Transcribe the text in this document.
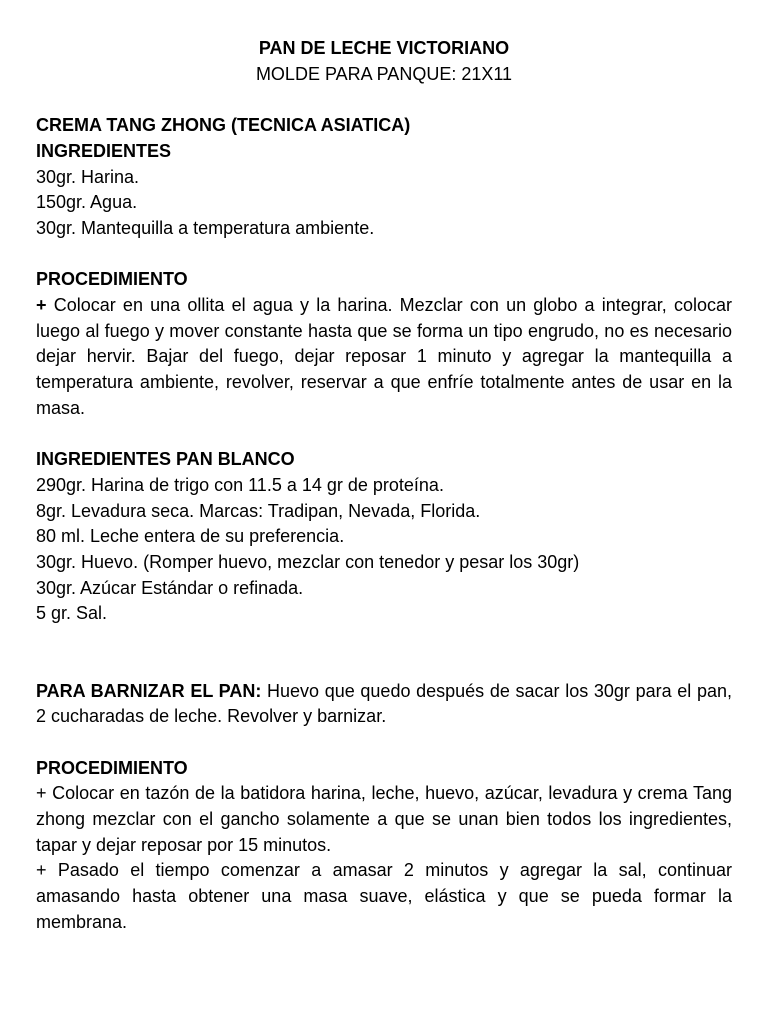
PAN DE LECHE VICTORIANO

MOLDE PARA PANQUE: 21X11

CREMA TANG ZHONG (TECNICA ASIATICA)

INGREDIENTES

30gr. Harina.

150gr. Agua.

30gr. Mantequilla a temperatura ambiente.

PROCEDIMIENTO

+ Colocar en una ollita el agua y la harina. Mezclar con un globo a integrar, colocar luego al fuego y mover constante hasta que se forma un tipo engrudo, no es necesario dejar hervir. Bajar del fuego, dejar reposar 1 minuto y agregar la mantequilla a temperatura ambiente, revolver, reservar a que enfríe totalmente antes de usar en la masa.

INGREDIENTES PAN BLANCO

290gr. Harina de trigo con 11.5 a 14 gr de proteína.

8gr. Levadura seca. Marcas: Tradipan, Nevada, Florida.

80 ml. Leche entera de su preferencia.

30gr. Huevo. (Romper huevo, mezclar con tenedor y pesar los 30gr)

30gr. Azúcar Estándar o refinada.

5 gr. Sal.

PARA BARNIZAR EL PAN: Huevo que quedo después de sacar los 30gr para el pan, 2 cucharadas de leche. Revolver y barnizar.

PROCEDIMIENTO

+ Colocar en tazón de la batidora harina, leche, huevo, azúcar, levadura y crema Tang zhong mezclar con el gancho solamente a que se unan bien todos los ingredientes, tapar y dejar reposar por 15 minutos.

+ Pasado el tiempo comenzar a amasar 2 minutos y agregar la sal, continuar amasando hasta obtener una masa suave, elástica y que se pueda formar la membrana.
